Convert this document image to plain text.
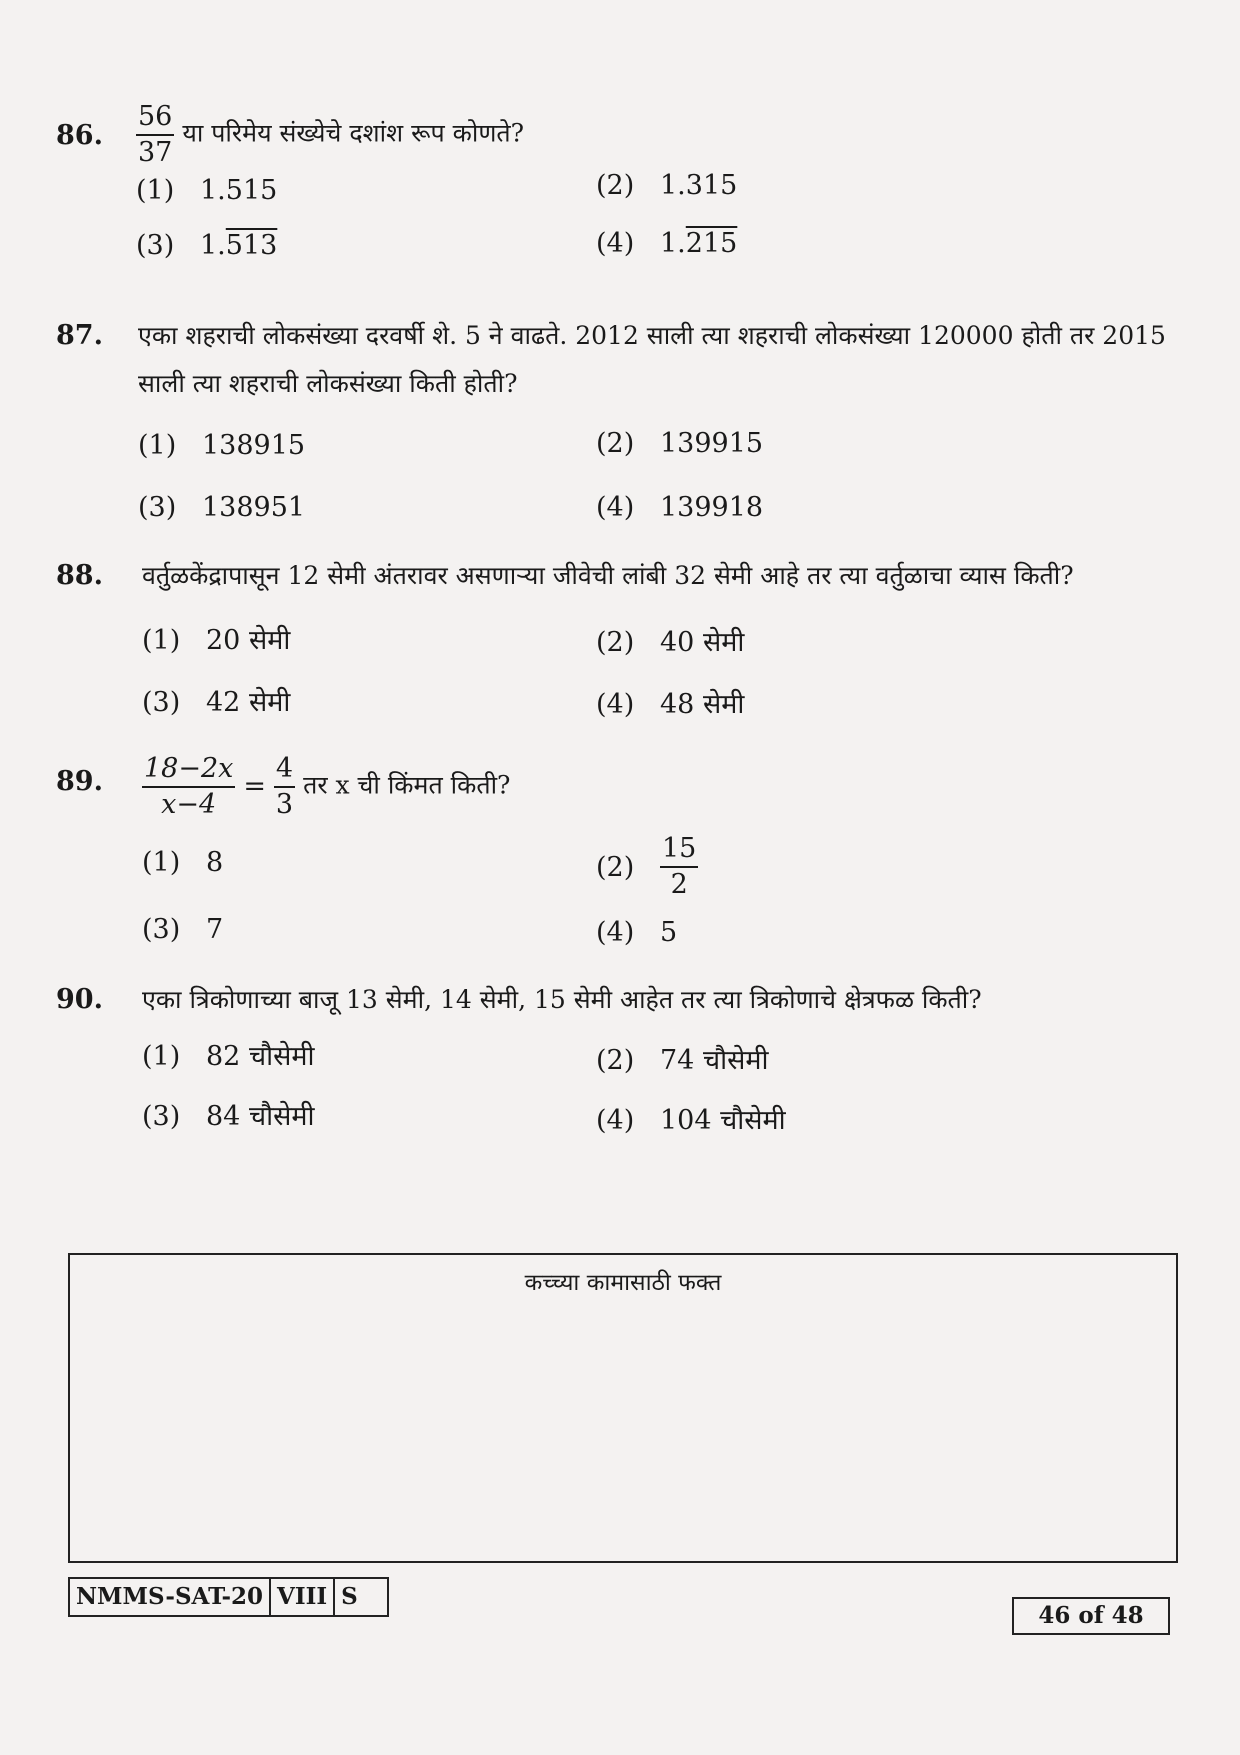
86. $\frac{56}{37}$ या परिमेय संख्येचे दशांश रूप कोणते?
(1) 1.515	(2) 1.315
(3) 1.513	(4) 1.215
87. एका शहराची लोकसंख्या दरवर्षी शे. 5 ने वाढते. 2012 साली त्या शहराची लोकसंख्या 120000 होती तर 2015 साली त्या शहराची लोकसंख्या किती होती?
(1) 138915	(2) 139915
(3) 138951	(4) 139918
88. वर्तुळकेंद्रापासून 12 सेमी अंतरावर असणाऱ्या जीवेची लांबी 32 सेमी आहे तर त्या वर्तुळाचा व्यास किती?
(1) 20 सेमी	(2) 40 सेमी
(3) 42 सेमी	(4) 48 सेमी
89. $\frac{18-2x}{x-4} = \frac{4}{3}$ तर x ची किंमत किती?
(1) 8	$(2) \frac{15}{2}$
(3) 7	(4) 5
90. एका त्रिकोणाच्या बाजू 13 सेमी, 14 सेमी, 15 सेमी आहेत तर त्या त्रिकोणाचे क्षेत्रफळ किती?
(1) 82 चौसेमी	(2) 74 चौसेमी
(3) 84 चौसेमी	(4) 104 चौसेमी
कच्च्या कामासाठी फक्त
NMMS-SAT-20 VIII S
46 of 48
